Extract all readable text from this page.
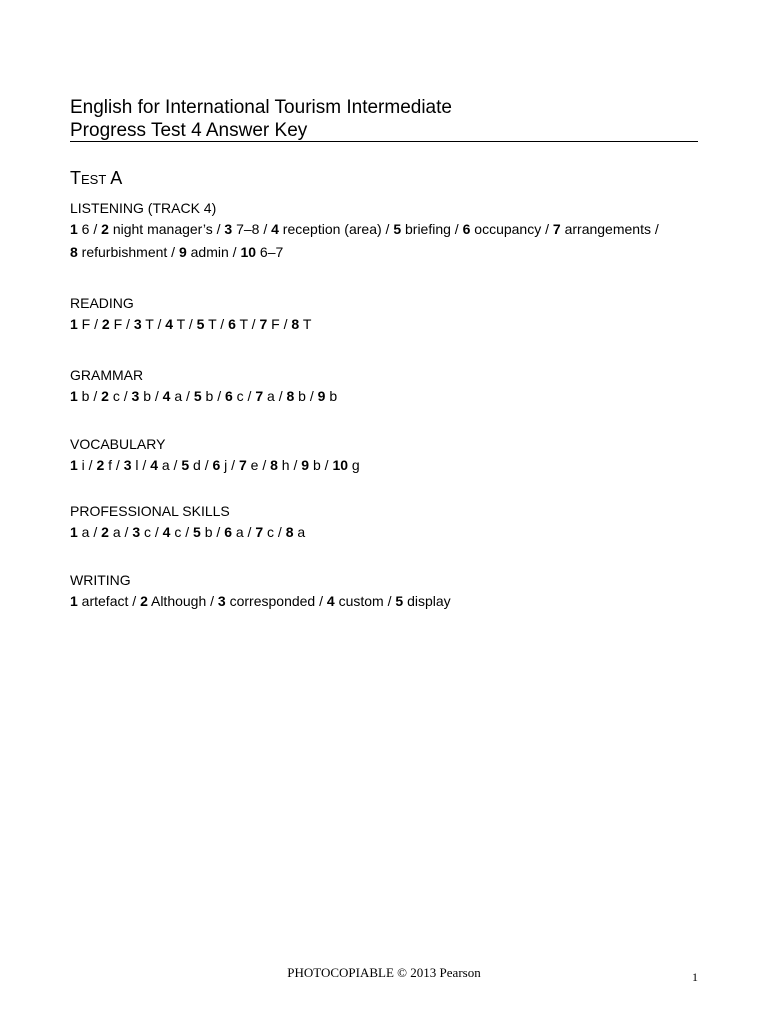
English for International Tourism Intermediate
Progress Test 4 Answer Key
Test A
LISTENING (TRACK 4)
1 6 / 2 night manager’s / 3 7–8 / 4 reception (area) / 5 briefing / 6 occupancy / 7 arrangements /
8 refurbishment / 9 admin / 10 6–7
READING
1 F / 2 F / 3 T / 4 T / 5 T / 6 T / 7 F / 8 T
GRAMMAR
1 b / 2 c / 3 b / 4 a / 5 b / 6 c / 7 a / 8 b / 9 b
VOCABULARY
1 i / 2 f / 3 l / 4 a / 5 d / 6 j / 7 e / 8 h / 9 b / 10 g
PROFESSIONAL SKILLS
1 a / 2 a / 3 c / 4 c / 5 b / 6 a / 7 c / 8 a
WRITING
1 artefact / 2 Although / 3 corresponded / 4 custom / 5 display
PHOTOCOPIABLE © 2013 Pearson	1
